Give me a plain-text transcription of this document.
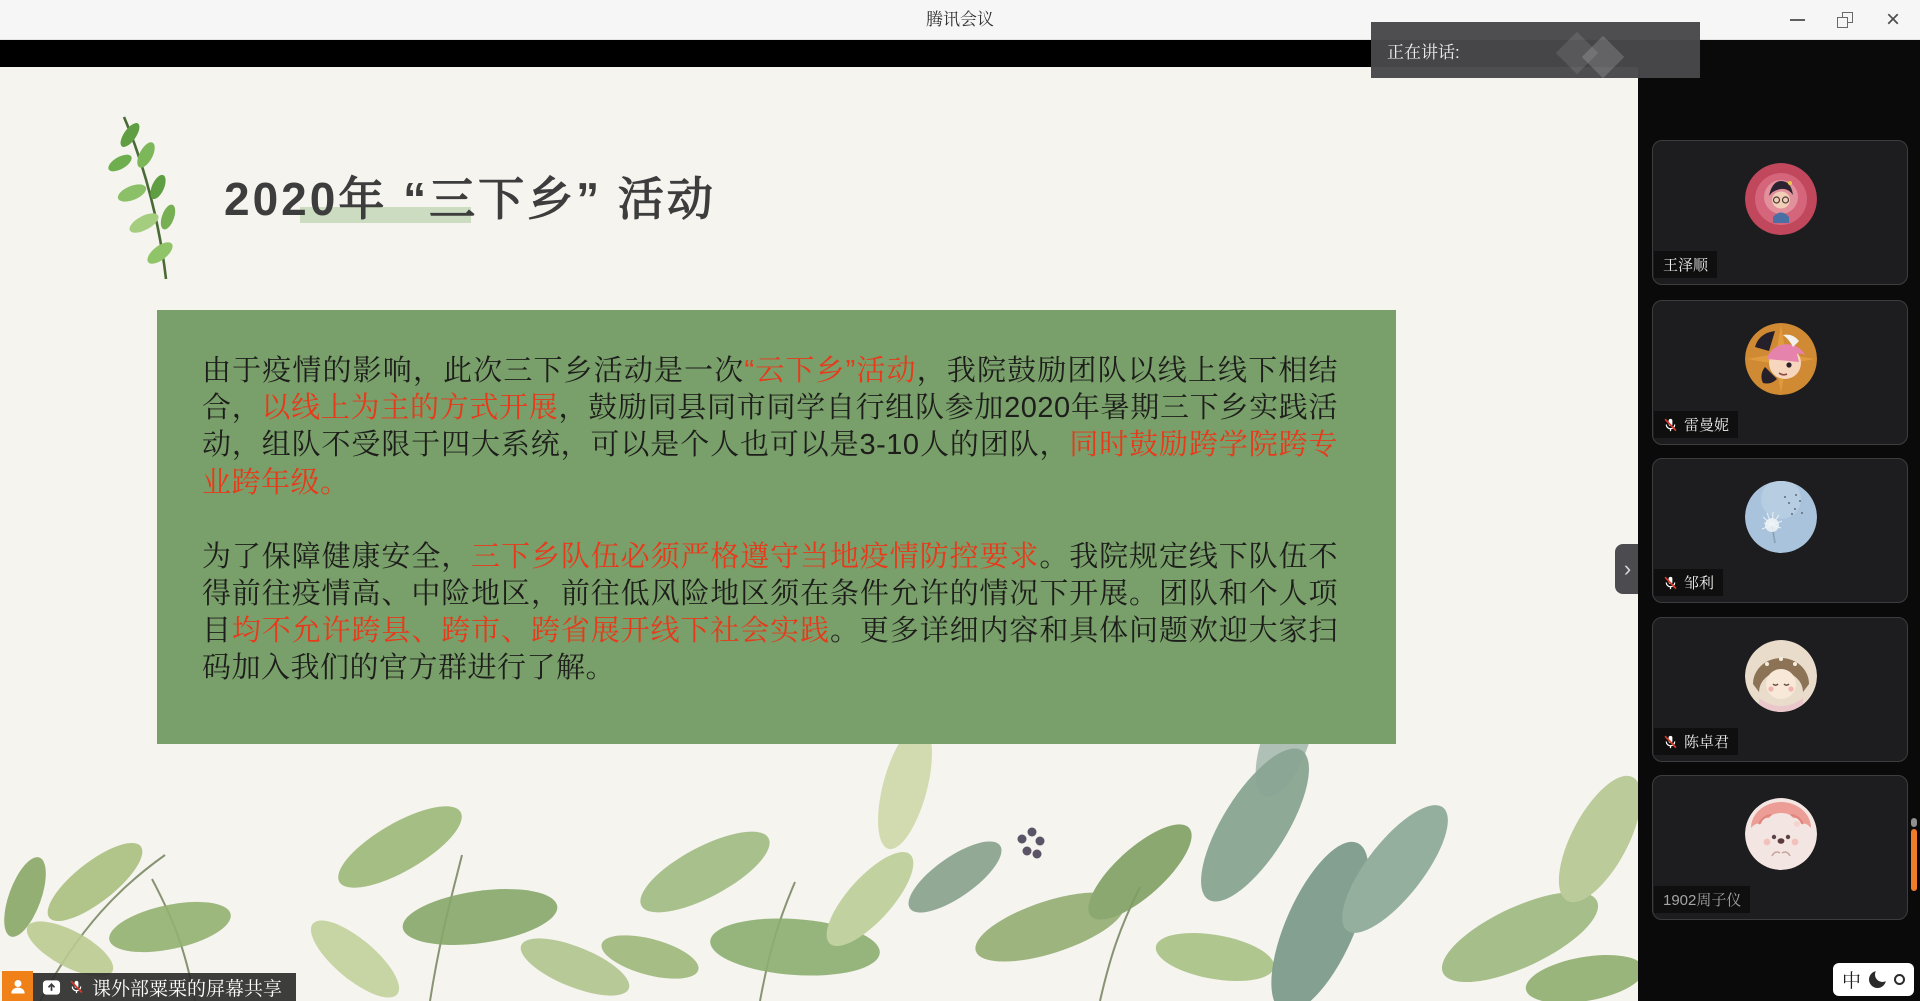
腾讯会议	×
2020年 “三下乡” 活动

由于疫情的影响，此次三下乡活动是一次“云下乡”活动，我院鼓励团队以线上线下相结合，以线上为主的方式开展，鼓励同县同市同学自行组队参加2020年暑期三下乡实践活动，组队不受限于四大系统，可以是个人也可以是3-10人的团队，同时鼓励跨学院跨专业跨年级。

为了保障健康安全，三下乡队伍必须严格遵守当地疫情防控要求。我院规定线下队伍不得前往疫情高、中险地区，前往低风险地区须在条件允许的情况下开展。团队和个人项目均不允许跨县、跨市、跨省展开线下社会实践。更多详细内容和具体问题欢迎大家扫码加入我们的官方群进行了解。

›
正在讲话:
王泽顺
雷曼妮
邹利
陈卓君
1902周子仪
课外部粟栗的屏幕共享	中
